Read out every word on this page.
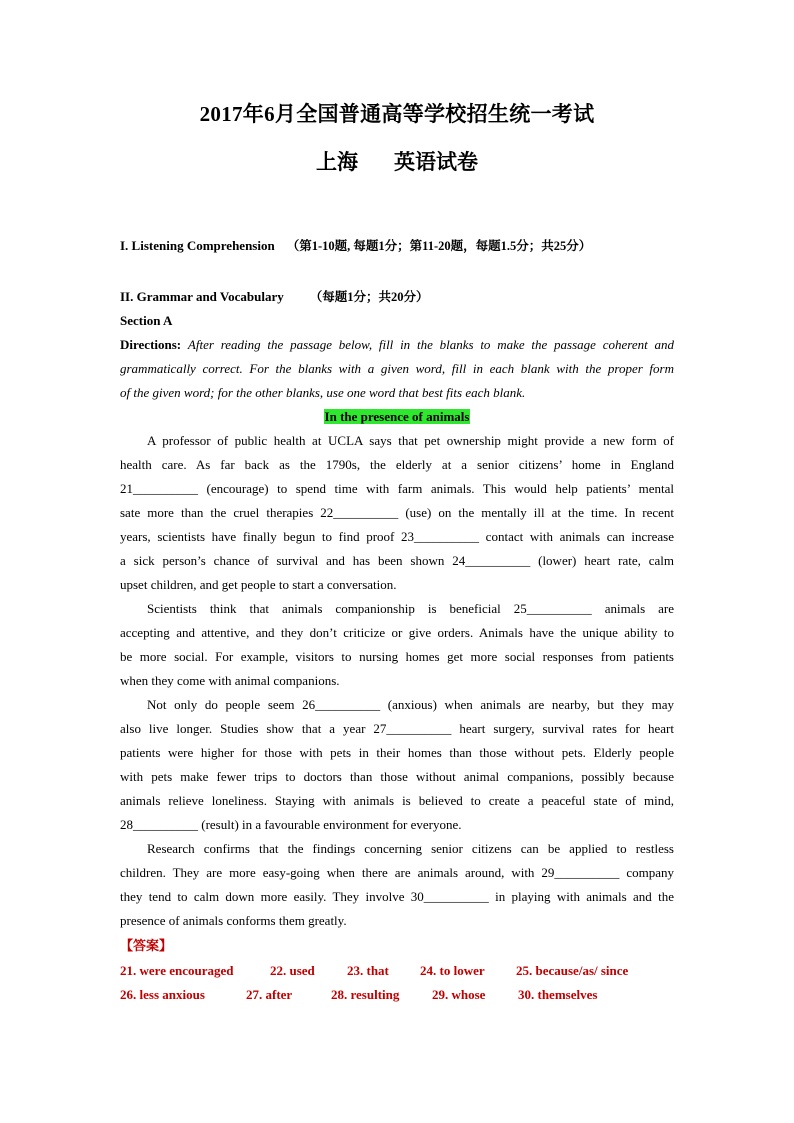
2017年6月全国普通高等学校招生统一考试
上海 英语试卷
I. Listening Comprehension （第1-10题, 每题1分；第11-20题，每题1.5分；共25分）
II. Grammar and Vocabulary （每题1分；共20分）
Section A
Directions: After reading the passage below, fill in the blanks to make the passage coherent and
grammatically correct. For the blanks with a given word, fill in each blank with the proper form
of the given word; for the other blanks, use one word that best fits each blank.
In the presence of animals
A professor of public health at UCLA says that pet ownership might provide a new form of
health care. As far back as the 1790s, the elderly at a senior citizens’ home in England
21__________ (encourage) to spend time with farm animals. This would help patients’ mental
sate more than the cruel therapies 22__________ (use) on the mentally ill at the time. In recent
years, scientists have finally begun to find proof 23__________ contact with animals can increase
a sick person’s chance of survival and has been shown 24__________ (lower) heart rate, calm
upset children, and get people to start a conversation.
Scientists think that animals companionship is beneficial 25__________ animals are
accepting and attentive, and they don’t criticize or give orders. Animals have the unique ability to
be more social. For example, visitors to nursing homes get more social responses from patients
when they come with animal companions.
Not only do people seem 26__________ (anxious) when animals are nearby, but they may
also live longer. Studies show that a year 27__________ heart surgery, survival rates for heart
patients were higher for those with pets in their homes than those without pets. Elderly people
with pets make fewer trips to doctors than those without animal companions, possibly because
animals relieve loneliness. Staying with animals is believed to create a peaceful state of mind,
28__________ (result) in a favourable environment for everyone.
Research confirms that the findings concerning senior citizens can be applied to restless
children. They are more easy-going when there are animals around, with 29__________ company
they tend to calm down more easily. They involve 30__________ in playing with animals and the
presence of animals conforms them greatly.
【答案】
21. were encouraged	22. used 23. that 24. to lower 25. because/as/ since
26. less anxious	27. after	28. resulting	29. whose	30. themselves
